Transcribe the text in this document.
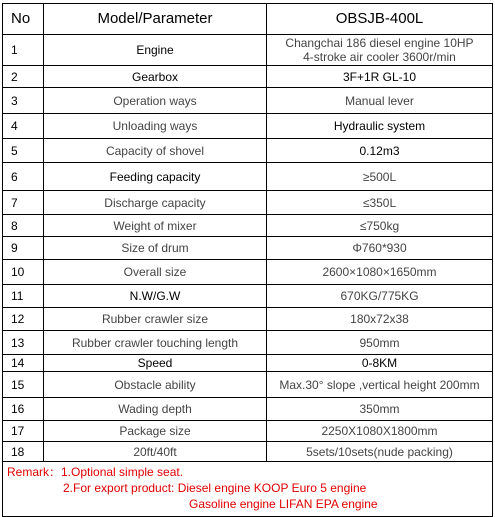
No	Model/Parameter	OBSJB-400L
1	Engine	Changchai 186 diesel engine 10HP
4-stroke air cooler 3600r/min

2	Gearbox	3F+1R GL-10
3	Operation ways	Manual lever
4	Unloading ways	Hydraulic system
5	Capacity of shovel	0.12m3
6	Feeding capacity	≥500L
7	Discharge capacity	≤350L
8	Weight of mixer	≤750kg
9	Size of drum	Φ760*930
10	Overall size	2600×1080×1650mm
11	N.W/G.W	670KG/775KG
12	Rubber crawler size	180x72x38
13	Rubber crawler touching length	950mm
14	Speed	0-8KM
15	Obstacle ability	Max.30° slope ,vertical height 200mm
16	Wading depth	350mm
17	Package size	2250X1080X1800mm
18	20ft/40ft	5sets/10sets(nude packing)

Remark：1.Optional simple seat.
2.For export product: Diesel engine KOOP Euro 5 engine
Gasoline engine LIFAN EPA engine		
